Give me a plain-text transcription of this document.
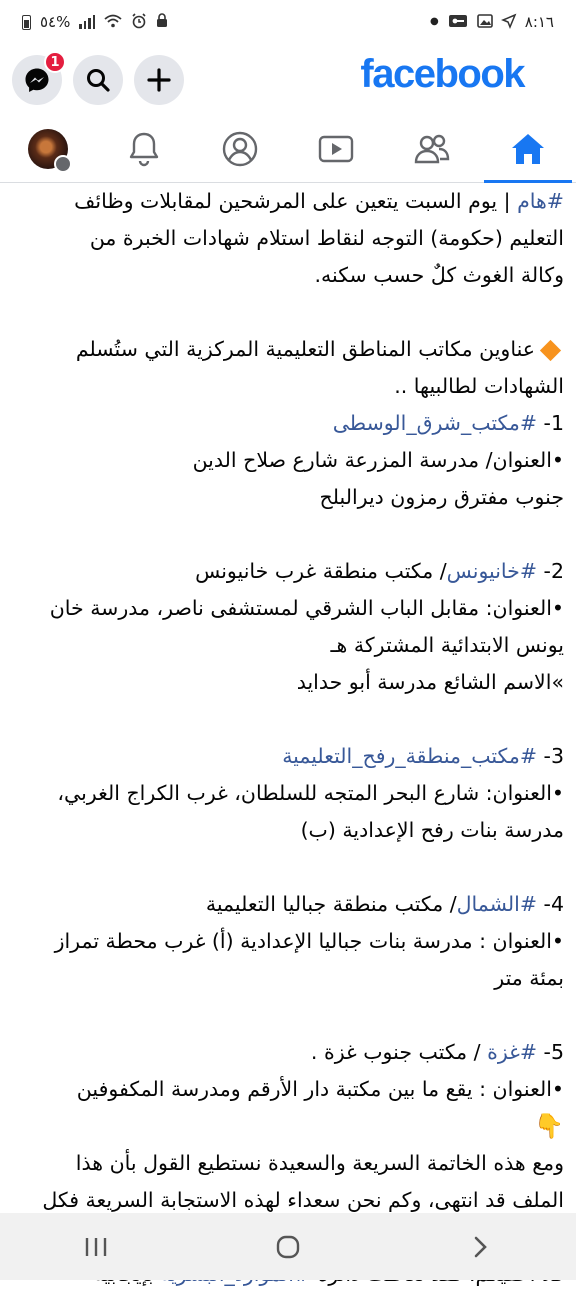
٥٤%	●	٨:١٦
1	facebook
#هام | يوم السبت يتعين على المرشحين لمقابلات وظائف
التعليم (حكومة) التوجه لنقاط استلام شهادات الخبرة من
وكالة الغوث كلٌ حسب سكنه.
عناوين مكاتب المناطق التعليمية المركزية التي ستُسلم
الشهادات لطالبيها ..
1- #مكتب_شرق_الوسطى
•العنوان/ مدرسة المزرعة شارع صلاح الدين
جنوب مفترق رمزون ديرالبلح
2- #خانيونس/ مكتب منطقة غرب خانيونس
•العنوان: مقابل الباب الشرقي لمستشفى ناصر، مدرسة خان
يونس الابتدائية المشتركة هـ
»الاسم الشائع مدرسة أبو حدايد
3- #مكتب_منطقة_رفح_التعليمية
•العنوان: شارع البحر المتجه للسلطان، غرب الكراج الغربي،
مدرسة بنات رفح الإعدادية (ب)
4- #الشمال/ مكتب منطقة جباليا التعليمية
•العنوان : مدرسة بنات جباليا الإعدادية (أ) غرب محطة تمراز
بمئة متر
5- #غزة / مكتب جنوب غزة .
•العنوان : يقع ما بين مكتبة دار الأرقم ومدرسة المكفوفين
👇
ومع هذه الخاتمة السريعة والسعيدة نستطيع القول بأن هذا
الملف قد انتهى، وكم نحن سعداء لهذه الاستجابة السريعة فكل
